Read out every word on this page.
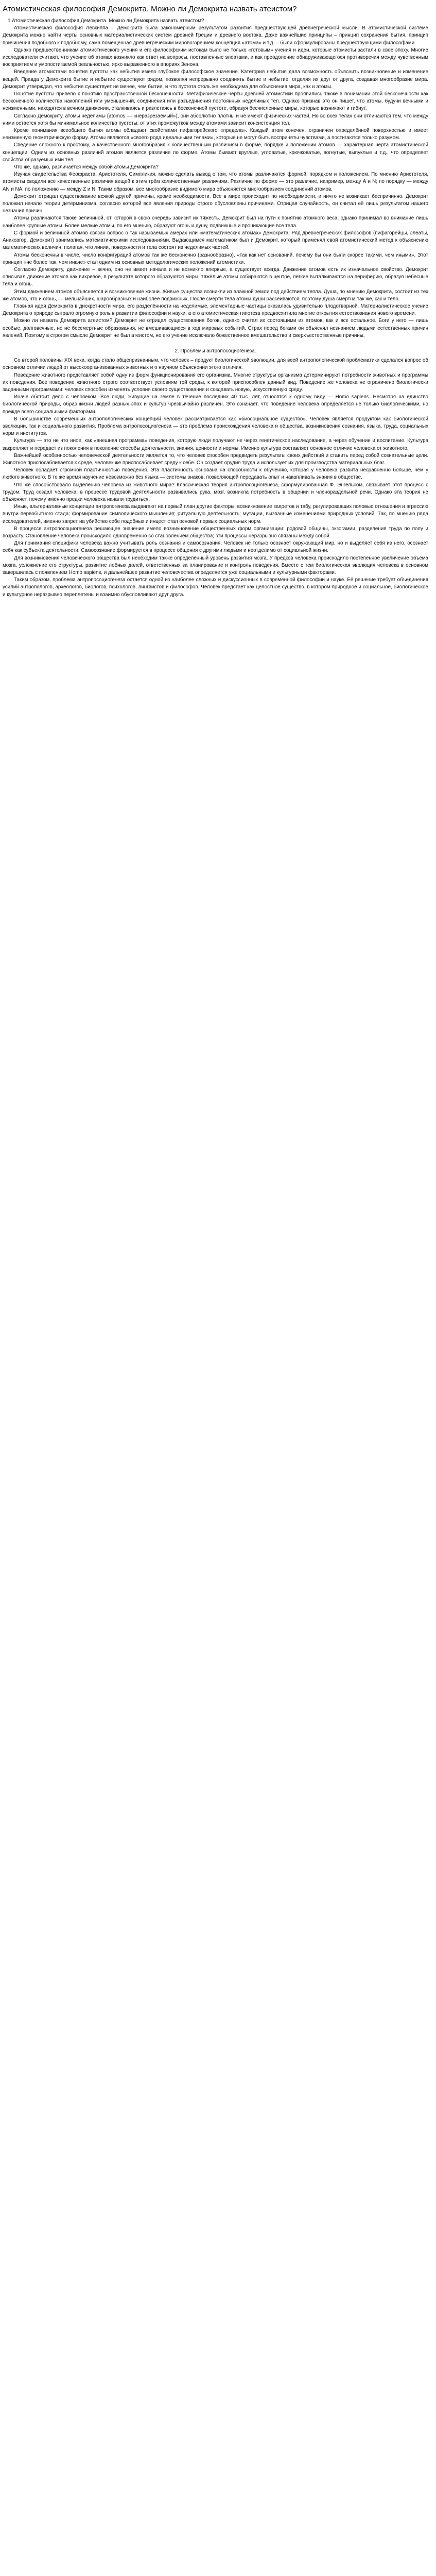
Атомистическая философия Демокрита. Можно ли Демокрита назвать атеистом?

1.Атомистическая философия Демокрита. Можно ли Демокрита назвать атеистом?

Атомистическая философия Левкиппа – Демокрита была закономерным результатом развития предшествующей древнегреческой мысли. В атомистической системе Демокрита можно найти черты основных материалистических систем древней Греции и древнего востока. Даже важнейшие принципы – принцип сохранения бытия, принцип причинения подобного к подобному, сама помещенная древнегреческим мировоззрением концепция «атома» и т.д. – были сформулированы предшествующими философами.

Однако предшественникам атомистического учения и его философским истокам было не только «готовым» учения и идеи, которые атомисты застали в свое эпоху. Многие исследователи считают, что учение об атомах возникло как ответ на вопросы, поставленные элеатами, и как преодоление обнаруживающегося противоречия между чувственным восприятием и умопостигаемой реальностью, ярко выраженного в апориях Зенона.

Введение атомистами понятия пустоты как небытия имело глубокое философское значение. Категория небытия дала возможность объяснить возникновение и изменение вещей. Правда у Демокрита бытие и небытие существуют рядом, позволяя непрерывно соединять бытие и небытие, отделяя их друг от друга, создавая многообразие мира. Демокрит утверждал, что небытие существует не менее, чем бытие, и что пустота столь же необходима для объяснения мира, как и атомы.

Понятие пустоты привело к понятию пространственной бесконечности. Метафизические черты древней атомистики проявились также в понимании этой бесконечности как бесконечного количества накоплений или уменьшений, соединения или разъединения постоянных неделимых тел. Однако признав это он пишет, что атомы, будучи вечными и неизменными, находятся в вечном движении, сталкиваясь и разлетаясь в бесконечной пустоте, образуя бесчисленные миры, которые возникают и гибнут.

Согласно Демокриту, атомы неделимы (atomos — «неразрезаемый»), они абсолютно плотны и не имеют физических частей. Но во всех телах они отличаются тем, что между ними остается хотя бы минимальное количество пустоты; от этих промежутков между атомами зависит консистенция тел.

Кроме понимания всеобщего бытия атомы обладают свойствами пифагорейского «предела». Каждый атом конечен, ограничен определённой поверхностью и имеет неизменную геометрическую форму. Атомы являются «своего рода идеальными телами», которые не могут быть восприняты чувствами, а постигаются только разумом.

Сведение сложного к простому, а качественного многообразия к количественным различиям в форме, порядке и положении атомов — характерная черта атомистической концепции. Одним из основных различий атомов является различие по форме. Атомы бывают круглые, угловатые, крючковатые, вогнутые, выпуклые и т.д., что определяет свойства образуемых ими тел.

Что же, однако, различается между собой атомы Демокрита?

Изучая свидетельства Феофраста, Аристотеля, Симпликия, можно сделать вывод о том, что атомы различаются формой, порядком и положением. По мнению Аристотеля, атомисты сводили все качественные различия вещей к этим трём количественным различиям. Различие по форме — это различие, например, между А и N; по порядку — между AN и NA; по положению — между Z и N. Таким образом, все многообразие видимого мира объясняется многообразием соединений атомов.

Демокрит отрицал существование всякой другой причины, кроме необходимости. Все в мире происходит по необходимости, и ничто не возникает беспричинно. Демокрит положил начало теории детерминизма, согласно которой все явления природы строго обусловлены причинами. Отрицая случайность, он считал её лишь результатом нашего незнания причин.

Атомы различаются также величиной, от которой в свою очередь зависит их тяжесть. Демокрит был на пути к понятию атомного веса, однако принимал во внимание лишь наиболее крупные атомы. Более мелкие атомы, по его мнению, образуют огонь и душу, подвижные и проникающие все тела.

С формой и величиной атомов связан вопрос о так называемых амерах или «математических атомах» Демокрита. Ряд древнегреческих философов (пифагорейцы, элеаты, Анаксагор, Демокрит) занимались математическими исследованиями. Выдающимся математиком был и Демокрит, который применял свой атомистический метод к объяснению математических величин, полагая, что линии, поверхности и тела состоят из неделимых частей.

Атомы бесконечны в числе, число конфигураций атомов так же бесконечно (разнообразно), «так как нет оснований, почему бы они были скорее такими, чем иными». Этот принцип «не более так, чем иначе» стал одним из основных методологических положений атомистики.

Согласно Демокриту, движение – вечно, оно не имеет начала и не возникло впервые, а существует всегда. Движение атомов есть их изначальное свойство. Демокрит описывал движение атомов как вихревое, в результате которого образуются миры: тяжёлые атомы собираются в центре, лёгкие выталкиваются на периферию, образуя небесные тела и огонь.

Этим движением атомов объясняется и возникновение жизни. Живые существа возникли из влажной земли под действием тепла. Душа, по мнению Демокрита, состоит из тех же атомов, что и огонь, — мельчайших, шарообразных и наиболее подвижных. После смерти тела атомы души рассеиваются, поэтому душа смертна так же, как и тело.

Главная идея Демокрита в дискретности мира, его разделённости на неделимые, элементарные частицы оказалась удивительно плодотворной. Материалистическое учение Демокрита о природе сыграло огромную роль в развитии философии и науки, а его атомистическая гипотеза предвосхитила многие открытия естествознания нового времени.

Можно ли назвать Демокрита атеистом? Демокрит не отрицал существования богов, однако считал их состоящими из атомов, как и все остальное. Боги у него — лишь особые, долговечные, но не бессмертные образования, не вмешивающиеся в ход мировых событий. Страх перед богами он объяснял незнанием людьми естественных причин явлений. Поэтому в строгом смысле Демокрит не был атеистом, но его учение исключало божественное вмешательство и сверхъестественные причины.

2. Проблемы антропосоциогенеза.

Со второй половины XIX века, когда стало общепризнанным, что человек – продукт биологической эволюции, для всей антропологической проблематики сделался вопрос об основном отличии людей от высокоорганизованных животных и о научном объяснении этого отличия.

Поведение животного представляет собой одну из форм функционирования его организма. Многие структуры организма детерминируют потребности животных и программы их поведения. Все поведение животного строго соответствует условиям той среды, к которой приспособлен данный вид. Поведение же человека не ограничено биологически заданными программами: человек способен изменять условия своего существования и создавать новую, искусственную среду.

Иначе обстоит дело с человеком. Все люди, живущие на земле в течение последних 40 тыс. лет, относятся к одному виду — Homo sapiens. Несмотря на единство биологической природы, образ жизни людей разных эпох и культур чрезвычайно различен. Это означает, что поведение человека определяется не только биологическими, но прежде всего социальными факторами.

В большинстве современных антропологических концепций человек рассматривается как «биосоциальное существо». Человек является продуктом как биологической эволюции, так и социального развития. Проблема антропосоциогенеза — это проблема происхождения человека и общества, возникновения сознания, языка, труда, социальных норм и институтов.

Культура — это не что иное, как «внешняя программа» поведения, которую люди получают не через генетическое наследование, а через обучение и воспитание. Культура закрепляет и передает из поколения в поколение способы деятельности, знания, ценности и нормы. Именно культура составляет основное отличие человека от животного.

Важнейшей особенностью человеческой деятельности является то, что человек способен предвидеть результаты своих действий и ставить перед собой сознательные цели. Животное приспосабливается к среде, человек же приспосабливает среду к себе. Он создает орудия труда и использует их для производства материальных благ.

Человек обладает огромной пластичностью поведения. Эта пластичность основана на способности к обучению, которая у человека развита несравненно больше, чем у любого животного. В то же время научение невозможно без языка — системы знаков, позволяющей передавать опыт и накапливать знания в обществе.

Что же способствовало выделению человека из животного мира? Классическая теория антропосоциогенеза, сформулированная Ф. Энгельсом, связывает этот процесс с трудом. Труд создал человека: в процессе трудовой деятельности развивались рука, мозг, возникла потребность в общении и членораздельной речи. Однако эта теория не объясняет, почему именно предки человека начали трудиться.

Иные, альтернативные концепции антропогенеза выдвигают на первый план другие факторы: возникновение запретов и табу, регулировавших половые отношения и агрессию внутри первобытного стада; формирование символического мышления; ритуальную деятельность; мутации, вызванные изменениями природных условий. Так, по мнению ряда исследователей, именно запрет на убийство себе подобных и инцест стал основой первых социальных норм.

В процессе антропосоциогенеза решающее значение имело возникновение общественных форм организации: родовой общины, экзогамии, разделения труда по полу и возрасту. Становление человека происходило одновременно со становлением общества; эти процессы неразрывно связаны между собой.

Для понимания специфики человека важно учитывать роль сознания и самосознания. Человек не только осознает окружающий мир, но и выделяет себя из него, осознает себя как субъекта деятельности. Самосознание формируется в процессе общения с другими людьми и неотделимо от социальной жизни.

Для возникновения человеческого общества был необходим также определённый уровень развития мозга. У предков человека происходило постепенное увеличение объема мозга, усложнение его структуры, развитие лобных долей, ответственных за планирование и контроль поведения. Вместе с тем биологическая эволюция человека в основном завершилась с появлением Homo sapiens, и дальнейшее развитие человечества определяется уже социальными и культурными факторами.

Таким образом, проблема антропосоциогенеза остается одной из наиболее сложных и дискуссионных в современной философии и науке. Её решение требует объединения усилий антропологов, археологов, биологов, психологов, лингвистов и философов. Человек предстает как целостное существо, в котором природное и социальное, биологическое и культурное неразрывно переплетены и взаимно обусловливают друг друга.
